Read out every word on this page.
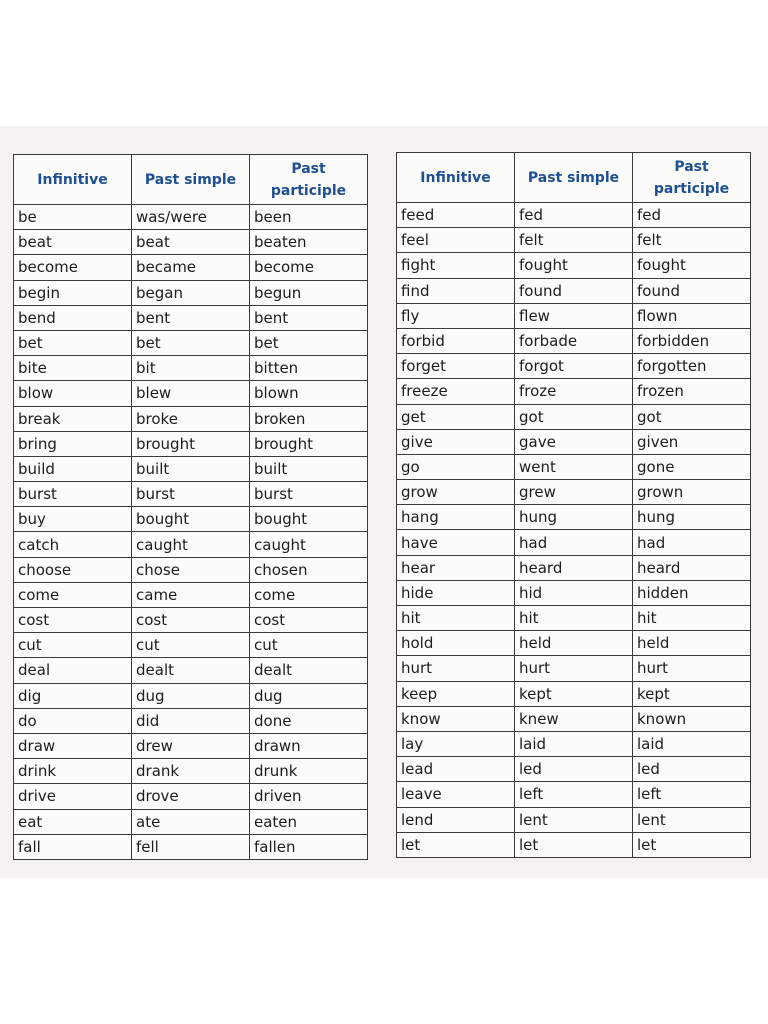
Infinitive	Past simple	Past participle
be	was/were	been
beat	beat	beaten
become	became	become
begin	began	begun
bend	bent	bent
bet	bet	bet
bite	bit	bitten
blow	blew	blown
break	broke	broken
bring	brought	brought
build	built	built
burst	burst	burst
buy	bought	bought
catch	caught	caught
choose	chose	chosen
come	came	come
cost	cost	cost
cut	cut	cut
deal	dealt	dealt
dig	dug	dug
do	did	done
draw	drew	drawn
drink	drank	drunk
drive	drove	driven
eat	ate	eaten
fall	fell	fallen
Infinitive	Past simple	Past participle
feed	fed	fed
feel	felt	felt
fight	fought	fought
find	found	found
fly	flew	flown
forbid	forbade	forbidden
forget	forgot	forgotten
freeze	froze	frozen
get	got	got
give	gave	given
go	went	gone
grow	grew	grown
hang	hung	hung
have	had	had
hear	heard	heard
hide	hid	hidden
hit	hit	hit
hold	held	held
hurt	hurt	hurt
keep	kept	kept
know	knew	known
lay	laid	laid
lead	led	led
leave	left	left
lend	lent	lent
let	let	let
